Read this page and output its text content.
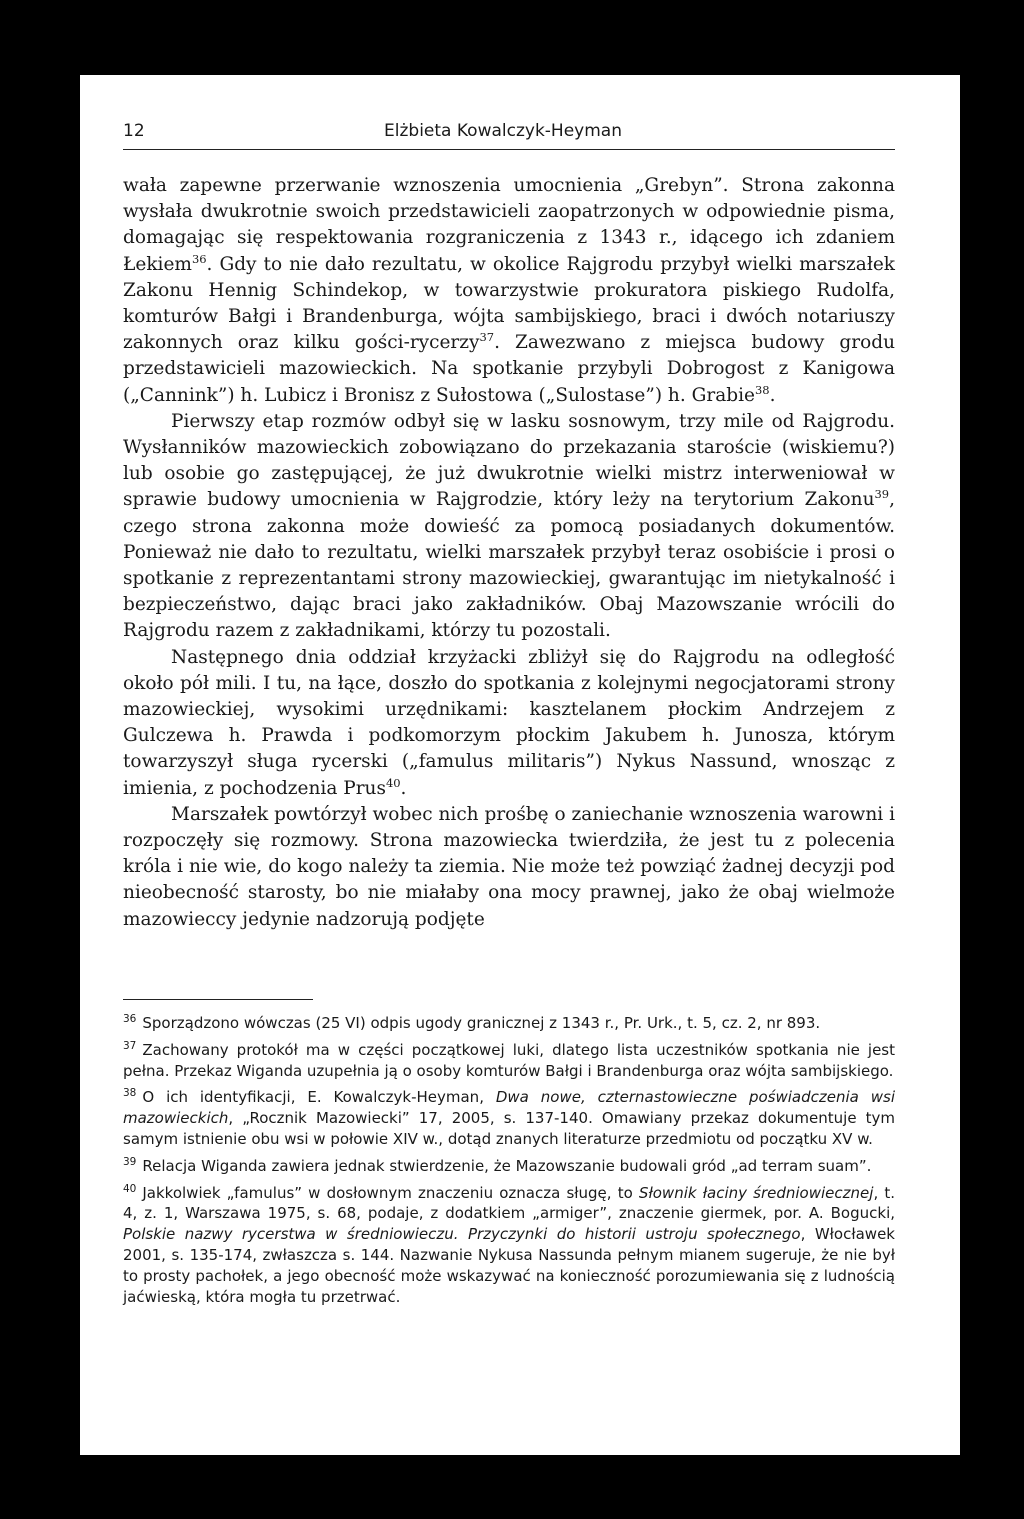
12	Elżbieta Kowalczyk-Heyman

wała zapewne przerwanie wznoszenia umocnienia „Grebyn”. Strona zakonna wysłała dwukrotnie swoich przedstawicieli zaopatrzonych w odpowiednie pisma, domagając się respektowania rozgraniczenia z 1343 r., idącego ich zdaniem Łekiem$^{36}$. Gdy to nie dało rezultatu, w okolice Rajgrodu przybył wielki marszałek Zakonu Hennig Schindekop, w towarzystwie prokuratora piskiego Rudolfa, komturów Bałgi i Brandenburga, wójta sambijskiego, braci i dwóch notariuszy zakonnych oraz kilku gości-rycerzy$^{37}$. Zawezwano z miejsca budowy grodu przedstawicieli mazowieckich. Na spotkanie przybyli Dobrogost z Kanigowa („Cannink”) h. Lubicz i Bronisz z Sułostowa („Sulostase”) h. Grabie$^{38}$.

Pierwszy etap rozmów odbył się w lasku sosnowym, trzy mile od Rajgrodu. Wysłanników mazowieckich zobowiązano do przekazania staroście (wiskiemu?) lub osobie go zastępującej, że już dwukrotnie wielki mistrz interweniował w sprawie budowy umocnienia w Rajgrodzie, który leży na terytorium Zakonu$^{39}$, czego strona zakonna może dowieść za pomocą posiadanych dokumentów. Ponieważ nie dało to rezultatu, wielki marszałek przybył teraz osobiście i prosi o spotkanie z reprezentantami strony mazowieckiej, gwarantując im nietykalność i bezpieczeństwo, dając braci jako zakładników. Obaj Mazowszanie wrócili do Rajgrodu razem z zakładnikami, którzy tu pozostali.

Następnego dnia oddział krzyżacki zbliżył się do Rajgrodu na odległość około pół mili. I tu, na łące, doszło do spotkania z kolejnymi negocjatorami strony mazowieckiej, wysokimi urzędnikami: kasztelanem płockim Andrzejem z Gulczewa h. Prawda i podkomorzym płockim Jakubem h. Junosza, którym towarzyszył sługa rycerski („famulus militaris”) Nykus Nassund, wnosząc z imienia, z pochodzenia Prus$^{40}$.

Marszałek powtórzył wobec nich prośbę o zaniechanie wznoszenia warowni i rozpoczęły się rozmowy. Strona mazowiecka twierdziła, że jest tu z polecenia króla i nie wie, do kogo należy ta ziemia. Nie może też powziąć żadnej decyzji pod nieobecność starosty, bo nie miałaby ona mocy prawnej, jako że obaj wielmoże mazowieccy jedynie nadzorują podjęte

$^{36}$ Sporządzono wówczas (25 VI) odpis ugody granicznej z 1343 r., Pr. Urk., t. 5, cz. 2, nr 893.

$^{37}$ Zachowany protokół ma w części początkowej luki, dlatego lista uczestników spotkania nie jest pełna. Przekaz Wiganda uzupełnia ją o osoby komturów Bałgi i Brandenburga oraz wójta sambijskiego.

$^{38}$ O ich identyfikacji, E. Kowalczyk-Heyman, Dwa nowe, czternastowieczne poświadczenia wsi mazowieckich, „Rocznik Mazowiecki” 17, 2005, s. 137-140. Omawiany przekaz dokumentuje tym samym istnienie obu wsi w połowie XIV w., dotąd znanych literaturze przedmiotu od początku XV w.

$^{39}$ Relacja Wiganda zawiera jednak stwierdzenie, że Mazowszanie budowali gród „ad terram suam”.

$^{40}$ Jakkolwiek „famulus” w dosłownym znaczeniu oznacza sługę, to Słownik łaciny średniowiecznej, t. 4, z. 1, Warszawa 1975, s. 68, podaje, z dodatkiem „armiger”, znaczenie giermek, por. A. Bogucki, Polskie nazwy rycerstwa w średniowieczu. Przyczynki do historii ustroju społecznego, Włocławek 2001, s. 135-174, zwłaszcza s. 144. Nazwanie Nykusa Nassunda pełnym mianem sugeruje, że nie był to prosty pachołek, a jego obecność może wskazywać na konieczność porozumiewania się z ludnością jaćwieską, która mogła tu przetrwać.
